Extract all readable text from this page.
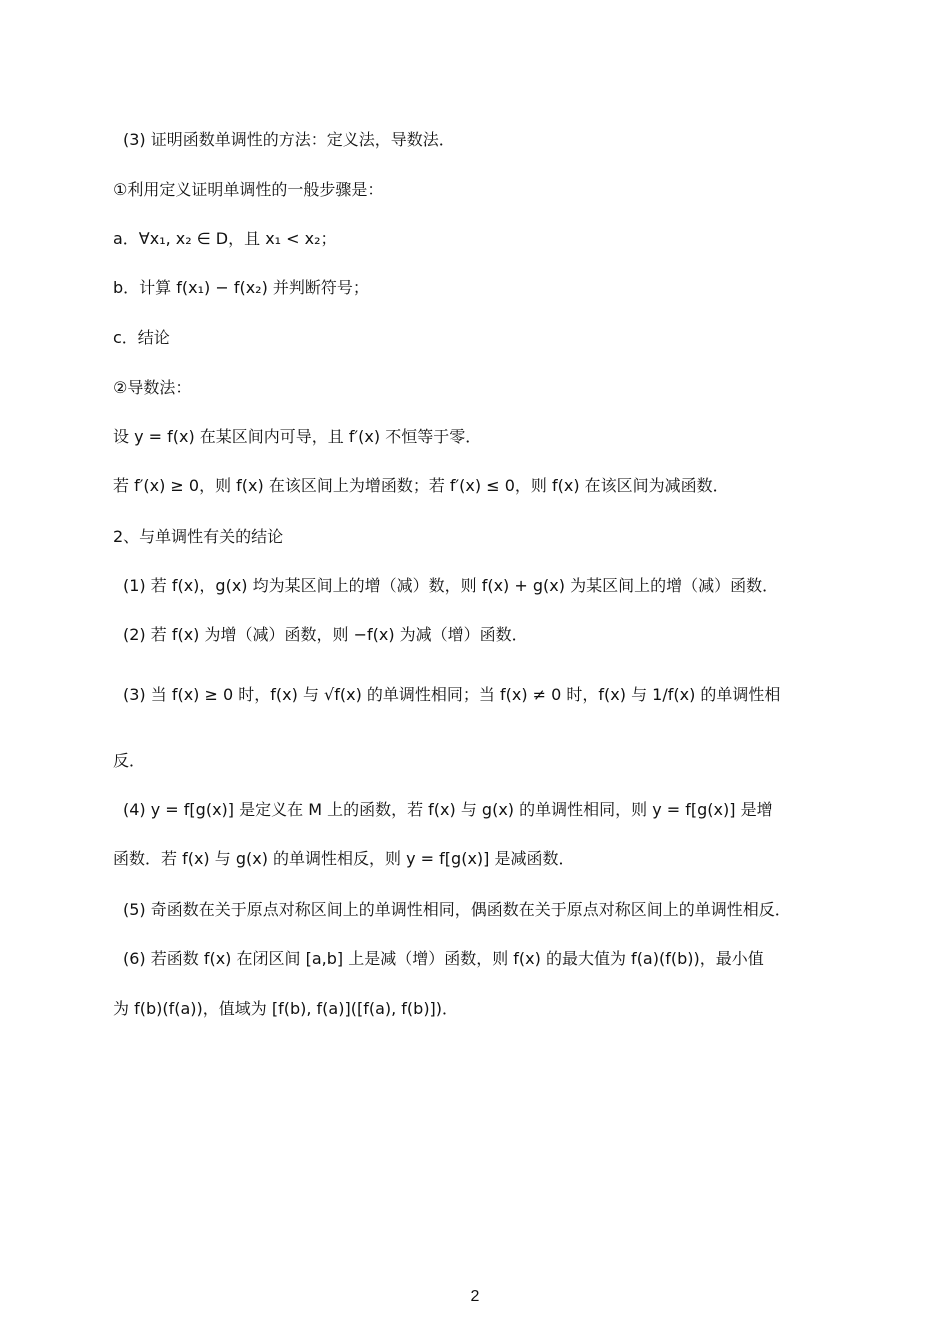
(3) 证明函数单调性的方法：定义法，导数法．
①利用定义证明单调性的一般步骤是：
a．∀x₁, x₂ ∈ D，且 x₁ < x₂；
b．计算 f(x₁) − f(x₂) 并判断符号；
c．结论
②导数法：
设 y = f(x) 在某区间内可导，且 f′(x) 不恒等于零．
若 f′(x) ≥ 0，则 f(x) 在该区间上为增函数；若 f′(x) ≤ 0，则 f(x) 在该区间为减函数．
2、与单调性有关的结论
(1) 若 f(x)，g(x) 均为某区间上的增（减）数，则 f(x) + g(x) 为某区间上的增（减）函数．
(2) 若 f(x) 为增（减）函数，则 −f(x) 为减（增）函数．
(3) 当 f(x) ≥ 0 时，f(x) 与 √f(x) 的单调性相同；当 f(x) ≠ 0 时，f(x) 与 1/f(x) 的单调性相
反．
(4) y = f[g(x)] 是定义在 M 上的函数，若 f(x) 与 g(x) 的单调性相同，则 y = f[g(x)] 是增
函数．若 f(x) 与 g(x) 的单调性相反，则 y = f[g(x)] 是减函数．
(5) 奇函数在关于原点对称区间上的单调性相同，偶函数在关于原点对称区间上的单调性相反．
(6) 若函数 f(x) 在闭区间 [a,b] 上是减（增）函数，则 f(x) 的最大值为 f(a)(f(b))，最小值
为 f(b)(f(a))，值域为 [f(b), f(a)]([f(a), f(b)])．
2
